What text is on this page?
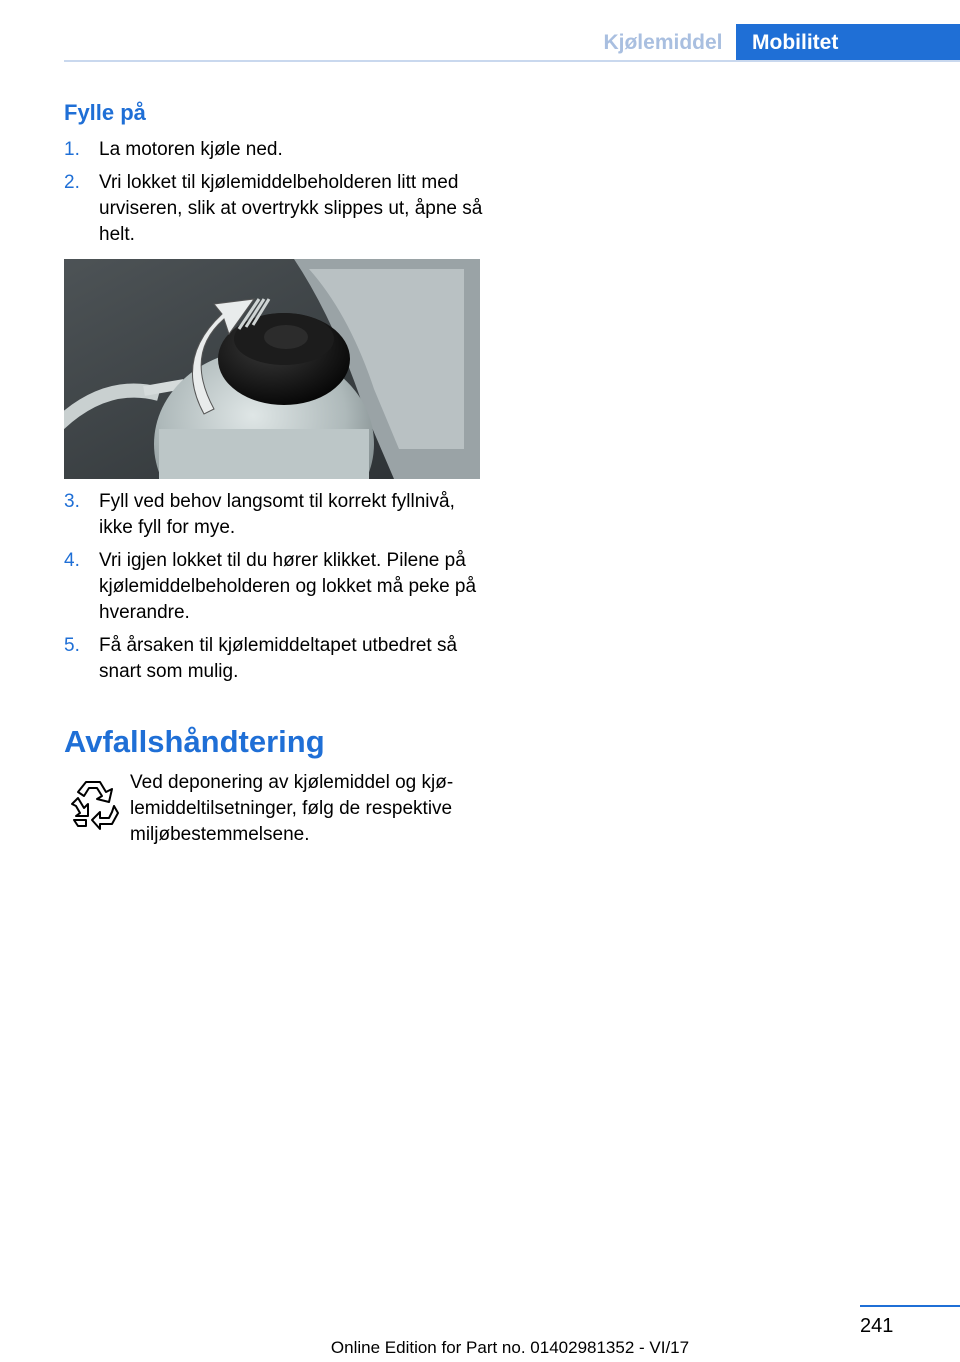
Kjølemiddel	Mobilitet
Fylle på
1. La motoren kjøle ned.
2. Vri lokket til kjølemiddelbeholderen litt med urviseren, slik at overtrykk slippes ut, åpne så helt.
3. Fyll ved behov langsomt til korrekt fyllnivå, ikke fyll for mye.
4. Vri igjen lokket til du hører klikket. Pilene på kjølemiddelbeholderen og lokket må peke på hverandre.
5. Få årsaken til kjølemiddeltapet utbedret så snart som mulig.
Avfallshåndtering

Ved deponering av kjølemiddel og kjø‐ lemiddeltilsetninger, følg de respektive miljøbestemmelsene.

241
Online Edition for Part no. 01402981352 - VI/17
